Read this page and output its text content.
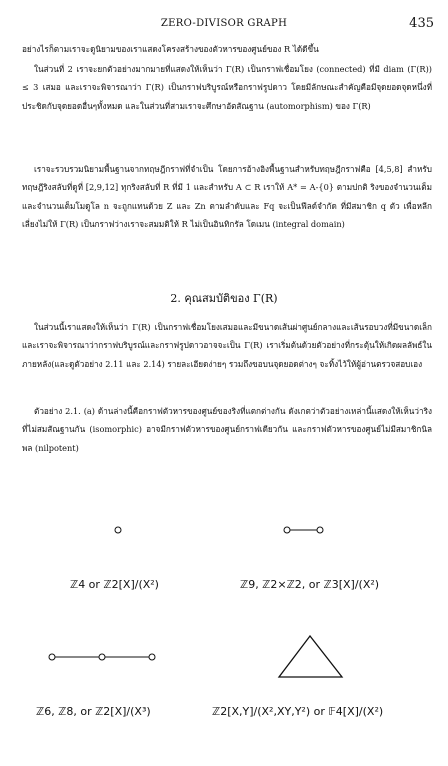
ZERO-DIVISOR GRAPH	435
อย่างไรก็ตามเราจะดูนิยามของเราแสดงโครงสร้างของตัวหารของศูนย์ของ R ได้ดีขึ้น
ในส่วนที่ 2 เราจะยกตัวอย่างมากมายที่แสดงให้เห็นว่า Γ(R) เป็นกราฟเชื่อมโยง (connected) ที่มี diam (Γ(R)) ≤ 3 เสมอ และเราจะพิจารณาว่า Γ(R) เป็นกราฟบริบูรณ์หรือกราฟรูปดาว โดยมีลักษณะสำคัญคือมีจุดยอดจุดหนึ่งที่ประชิดกับจุดยอดอื่นๆทั้งหมด และในส่วนที่สามเราจะศึกษาอัตสัณฐาน (automorphism) ของ Γ(R)
เราจะรวบรวมนิยามพื้นฐานจากทฤษฎีกราฟที่จำเป็น โดยการอ้างอิงพื้นฐานสำหรับทฤษฎีกราฟคือ [4,5,8] สำหรับทฤษฎีริงสลับที่ดูที่ [2,9,12] ทุกริงสลับที่ R ที่มี 1 และสำหรับ A ⊂ R เราให้ A* = A-{0} ตามปกติ ริงของจำนวนเต็มและจำนวนเต็มโมดูโล n จะถูกแทนด้วย Z และ Zn ตามลำดับและ Fq จะเป็นฟีลด์จำกัด ที่มีสมาชิก q ตัว เพื่อหลีกเลี่ยงไม่ให้ Γ(R) เป็นกราฟว่างเราจะสมมติให้ R ไม่เป็นอินทิกรัล โดเมน (integral domain)
2. คุณสมบัติของ Γ(R)
ในส่วนนี้เราแสดงให้เห็นว่า Γ(R) เป็นกราฟเชื่อมโยงเสมอและมีขนาดเส้นผ่าศูนย์กลางและเส้นรอบวงที่มีขนาดเล็ก และเราจะพิจารณาว่ากราฟบริบูรณ์และกราฟรูปดาวอาจจะเป็น Γ(R) เราเริ่มต้นด้วยตัวอย่างที่กระตุ้นให้เกิดผลลัพธ์ในภายหลัง(และดูตัวอย่าง 2.11 และ 2.14) รายละเอียดง่ายๆ รวมถึงขอบนจุดยอดต่างๆ จะทิ้งไว้ให้ผู้อ่านตรวจสอบเอง
ตัวอย่าง 2.1. (a) ด้านล่างนี้คือกราฟตัวหารของศูนย์ของริงที่แตกต่างกัน ดังเกตว่าตัวอย่างเหล่านี้แสดงให้เห็นว่าริงที่ไม่สมสัณฐานกัน (isomorphic) อาจมีกราฟตัวหารของศูนย์กราฟเดียวกัน และกราฟตัวหารของศูนย์ไม่มีสมาชิกนิลพล (nilpotent)
ℤ4 or ℤ2[X]/(X²)	ℤ9, ℤ2×ℤ2, or ℤ3[X]/(X²)
ℤ6, ℤ8, or ℤ2[X]/(X³)	ℤ2[X,Y]/(X²,XY,Y²) or 𝔽4[X]/(X²)
